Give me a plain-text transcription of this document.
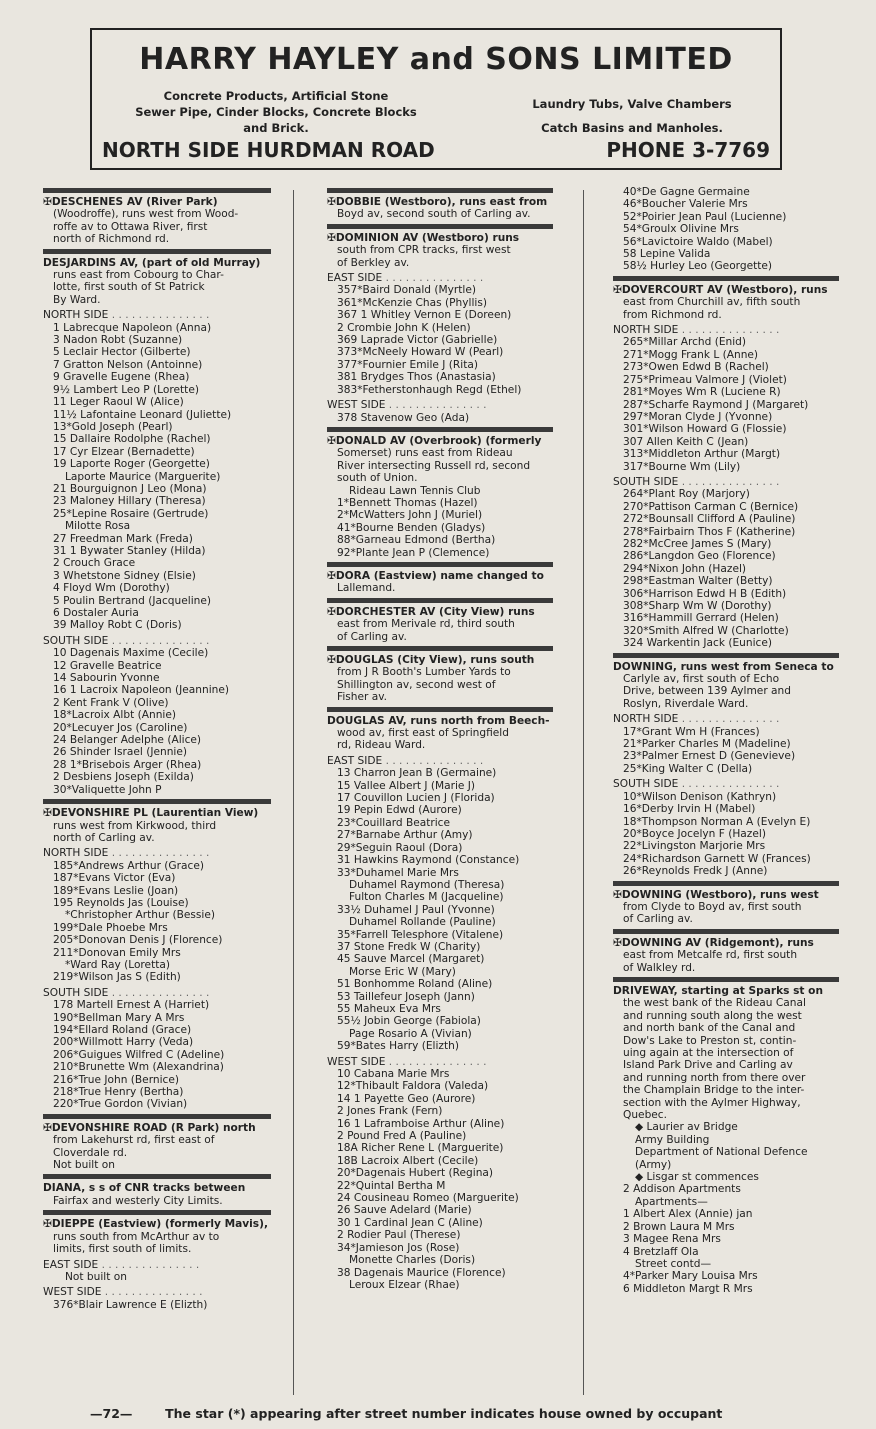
HARRY HAYLEY and SONS LIMITED
Concrete Products, Artificial Stone
Sewer Pipe, Cinder Blocks, Concrete Blocks
and Brick.
Laundry Tubs, Valve Chambers
Catch Basins and Manholes.
NORTH SIDE HURDMAN ROAD	PHONE 3-7769
✠DESCHENES AV (River Park)
(Woodroffe), runs west from Wood-
roffe av to Ottawa River, first
north of Richmond rd.
DESJARDINS AV, (part of old Murray)
runs east from Cobourg to Char-
lotte, first south of St Patrick
By Ward.
NORTH SIDE . . . . . . . . . . . . . . .
1 Labrecque Napoleon (Anna)
3 Nadon Robt (Suzanne)
5 Leclair Hector (Gilberte)
7 Gratton Nelson (Antoinne)
9 Gravelle Eugene (Rhea)
9½ Lambert Leo P (Lorette)
11 Leger Raoul W (Alice)
11½ Lafontaine Leonard (Juliette)
13*Gold Joseph (Pearl)
15 Dallaire Rodolphe (Rachel)
17 Cyr Elzear (Bernadette)
19 Laporte Roger (Georgette)
Laporte Maurice (Marguerite)
21 Bourguignon J Leo (Mona)
23 Maloney Hillary (Theresa)
25*Lepine Rosaire (Gertrude)
Milotte Rosa
27 Freedman Mark (Freda)
31 1 Bywater Stanley (Hilda)
2 Crouch Grace
3 Whetstone Sidney (Elsie)
4 Floyd Wm (Dorothy)
5 Poulin Bertrand (Jacqueline)
6 Dostaler Auria
39 Malloy Robt C (Doris)
SOUTH SIDE . . . . . . . . . . . . . . .
10 Dagenais Maxime (Cecile)
12 Gravelle Beatrice
14 Sabourin Yvonne
16 1 Lacroix Napoleon (Jeannine)
2 Kent Frank V (Olive)
18*Lacroix Albt (Annie)
20*Lecuyer Jos (Caroline)
24 Belanger Adelphe (Alice)
26 Shinder Israel (Jennie)
28 1*Brisebois Arger (Rhea)
2 Desbiens Joseph (Exilda)
30*Valiquette John P
✠DEVONSHIRE PL (Laurentian View)
runs west from Kirkwood, third
north of Carling av.
NORTH SIDE . . . . . . . . . . . . . . .
185*Andrews Arthur (Grace)
187*Evans Victor (Eva)
189*Evans Leslie (Joan)
195 Reynolds Jas (Louise)
*Christopher Arthur (Bessie)
199*Dale Phoebe Mrs
205*Donovan Denis J (Florence)
211*Donovan Emily Mrs
*Ward Ray (Loretta)
219*Wilson Jas S (Edith)
SOUTH SIDE . . . . . . . . . . . . . . .
178 Martell Ernest A (Harriet)
190*Bellman Mary A Mrs
194*Ellard Roland (Grace)
200*Willmott Harry (Veda)
206*Guigues Wilfred C (Adeline)
210*Brunette Wm (Alexandrina)
216*True John (Bernice)
218*True Henry (Bertha)
220*True Gordon (Vivian)
✠DEVONSHIRE ROAD (R Park) north
from Lakehurst rd, first east of
Cloverdale rd.
Not built on
DIANA, s s of CNR tracks between
Fairfax and westerly City Limits.
✠DIEPPE (Eastview) (formerly Mavis),
runs south from McArthur av to
limits, first south of limits.
EAST SIDE . . . . . . . . . . . . . . .
Not built on
WEST SIDE . . . . . . . . . . . . . . .
376*Blair Lawrence E (Elizth)
✠DOBBIE (Westboro), runs east from
Boyd av, second south of Carling av.
✠DOMINION AV (Westboro) runs
south from CPR tracks, first west
of Berkley av.
EAST SIDE . . . . . . . . . . . . . . .
357*Baird Donald (Myrtle)
361*McKenzie Chas (Phyllis)
367 1 Whitley Vernon E (Doreen)
2 Crombie John K (Helen)
369 Laprade Victor (Gabrielle)
373*McNeely Howard W (Pearl)
377*Fournier Emile J (Rita)
381 Brydges Thos (Anastasia)
383*Fetherstonhaugh Regd (Ethel)
WEST SIDE . . . . . . . . . . . . . . .
378 Stavenow Geo (Ada)
✠DONALD AV (Overbrook) (formerly
Somerset) runs east from Rideau
River intersecting Russell rd, second
south of Union.
Rideau Lawn Tennis Club
1*Bennett Thomas (Hazel)
2*McWatters John J (Muriel)
41*Bourne Benden (Gladys)
88*Garneau Edmond (Bertha)
92*Plante Jean P (Clemence)
✠DORA (Eastview) name changed to
Lallemand.
✠DORCHESTER AV (City View) runs
east from Merivale rd, third south
of Carling av.
✠DOUGLAS (City View), runs south
from J R Booth's Lumber Yards to
Shillington av, second west of
Fisher av.
DOUGLAS AV, runs north from Beech-
wood av, first east of Springfield
rd, Rideau Ward.
EAST SIDE . . . . . . . . . . . . . . .
13 Charron Jean B (Germaine)
15 Vallee Albert J (Marie J)
17 Couvillon Lucien J (Florida)
19 Pepin Edwd (Aurore)
23*Couillard Beatrice
27*Barnabe Arthur (Amy)
29*Seguin Raoul (Dora)
31 Hawkins Raymond (Constance)
33*Duhamel Marie Mrs
Duhamel Raymond (Theresa)
Fulton Charles M (Jacqueline)
33½ Duhamel J Paul (Yvonne)
Duhamel Rollande (Pauline)
35*Farrell Telesphore (Vitalene)
37 Stone Fredk W (Charity)
45 Sauve Marcel (Margaret)
Morse Eric W (Mary)
51 Bonhomme Roland (Aline)
53 Taillefeur Joseph (Jann)
55 Maheux Eva Mrs
55½ Jobin George (Fabiola)
Page Rosario A (Vivian)
59*Bates Harry (Elizth)
WEST SIDE . . . . . . . . . . . . . . .
10 Cabana Marie Mrs
12*Thibault Faldora (Valeda)
14 1 Payette Geo (Aurore)
2 Jones Frank (Fern)
16 1 Laframboise Arthur (Aline)
2 Pound Fred A (Pauline)
18A Richer Rene L (Marguerite)
18B Lacroix Albert (Cecile)
20*Dagenais Hubert (Regina)
22*Quintal Bertha M
24 Cousineau Romeo (Marguerite)
26 Sauve Adelard (Marie)
30 1 Cardinal Jean C (Aline)
2 Rodier Paul (Therese)
34*Jamieson Jos (Rose)
Monette Charles (Doris)
38 Dagenais Maurice (Florence)
Leroux Elzear (Rhae)
40*De Gagne Germaine
46*Boucher Valerie Mrs
52*Poirier Jean Paul (Lucienne)
54*Groulx Olivine Mrs
56*Lavictoire Waldo (Mabel)
58 Lepine Valida
58½ Hurley Leo (Georgette)
✠DOVERCOURT AV (Westboro), runs
east from Churchill av, fifth south
from Richmond rd.
NORTH SIDE . . . . . . . . . . . . . . .
265*Millar Archd (Enid)
271*Mogg Frank L (Anne)
273*Owen Edwd B (Rachel)
275*Primeau Valmore J (Violet)
281*Moyes Wm R (Luciene R)
287*Scharfe Raymond J (Margaret)
297*Moran Clyde J (Yvonne)
301*Wilson Howard G (Flossie)
307 Allen Keith C (Jean)
313*Middleton Arthur (Margt)
317*Bourne Wm (Lily)
SOUTH SIDE . . . . . . . . . . . . . . .
264*Plant Roy (Marjory)
270*Pattison Carman C (Bernice)
272*Bounsall Clifford A (Pauline)
278*Fairbairn Thos F (Katherine)
282*McCree James S (Mary)
286*Langdon Geo (Florence)
294*Nixon John (Hazel)
298*Eastman Walter (Betty)
306*Harrison Edwd H B (Edith)
308*Sharp Wm W (Dorothy)
316*Hammill Gerrard (Helen)
320*Smith Alfred W (Charlotte)
324 Warkentin Jack (Eunice)
DOWNING, runs west from Seneca to
Carlyle av, first south of Echo
Drive, between 139 Aylmer and
Roslyn, Riverdale Ward.
NORTH SIDE . . . . . . . . . . . . . . .
17*Grant Wm H (Frances)
21*Parker Charles M (Madeline)
23*Palmer Ernest D (Genevieve)
25*King Walter C (Della)
SOUTH SIDE . . . . . . . . . . . . . . .
10*Wilson Denison (Kathryn)
16*Derby Irvin H (Mabel)
18*Thompson Norman A (Evelyn E)
20*Boyce Jocelyn F (Hazel)
22*Livingston Marjorie Mrs
24*Richardson Garnett W (Frances)
26*Reynolds Fredk J (Anne)
✠DOWNING (Westboro), runs west
from Clyde to Boyd av, first south
of Carling av.
✠DOWNING AV (Ridgemont), runs
east from Metcalfe rd, first south
of Walkley rd.
DRIVEWAY, starting at Sparks st on
the west bank of the Rideau Canal
and running south along the west
and north bank of the Canal and
Dow's Lake to Preston st, contin-
uing again at the intersection of
Island Park Drive and Carling av
and running north from there over
the Champlain Bridge to the inter-
section with the Aylmer Highway,
Quebec.
◆ Laurier av Bridge
Army Building
Department of National Defence
(Army)
◆ Lisgar st commences
2 Addison Apartments
Apartments—
1 Albert Alex (Annie) jan
2 Brown Laura M Mrs
3 Magee Rena Mrs
4 Bretzlaff Ola
Street contd—
4*Parker Mary Louisa Mrs
6 Middleton Margt R Mrs
—72—	The star (*) appearing after street number indicates house owned by occupant
